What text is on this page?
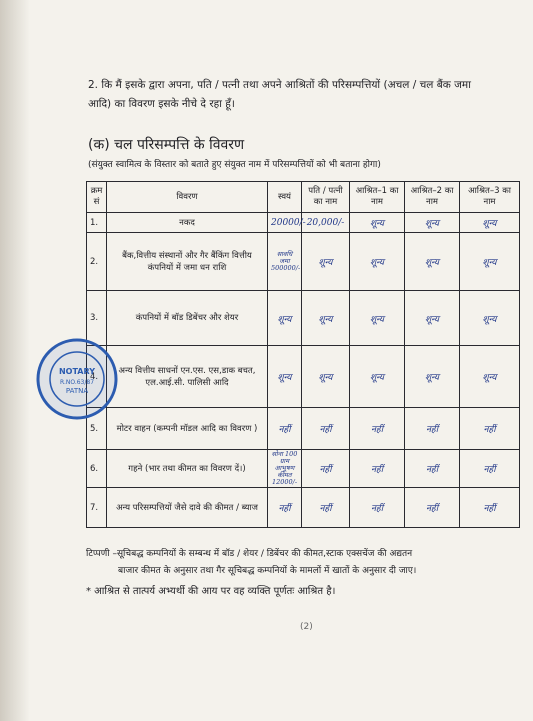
2. कि मैं इसके द्वारा अपना, पति / पत्नी तथा अपने आश्रितों की परिसम्पत्तियों (अचल / चल बैंक जमा
आदि) का विवरण इसके नीचे दे रहा हूँ।
(क) चल परिसम्पत्ति के विवरण
(संयुक्त स्वामित्व के विस्तार को बताते हुए संयुक्त नाम में परिसम्पत्तियों को भी बताना होगा)
क्रम सं	विवरण	स्वयं	पति / पत्नी का नाम	आश्रित–1 का नाम	आश्रित–2 का नाम	आश्रित–3 का नाम
1.	नकद	20000/-	20,000/-	शून्य	शून्य	शून्य
2.	बैंक,वित्तीय संस्थानों और गैर बैंकिंग वित्तीय कंपनियों में जमा धन राशि	सावधि जमा 500000/-	शून्य	शून्य	शून्य	शून्य
3.	कंपनियों में बॉड डिबेंचर और शेयर	शून्य	शून्य	शून्य	शून्य	शून्य
	अन्य वित्तीय साधनों एन.एस. एस,डाक बचत, एल.आई.सी. पालिसी आदि	शून्य	शून्य	शून्य	शून्य	शून्य
5.	मोटर वाहन (कम्पनी मॉडल आदि का विवरण )	नहीं	नहीं	नहीं	नहीं	नहीं
6.	गहने (भार तथा कीमत का विवरण दें।)	सोना 100 ग्राम आभूषण कीमत 12000/-	नहीं	नहीं	नहीं	नहीं
7.	अन्य परिसम्पत्तियों जैसे दावे की कीमत / ब्याज	नहीं	नहीं	नहीं	नहीं	नहीं
NOTARY
R.NO.63/87
PATNA
टिप्पणी –सूचिबद्ध कम्पनियों के सम्बन्ध में बॉड / शेयर / डिबेंचर की कीमत,स्टाक एक्सचेंज की अद्यतन
बाजार कीमत के अनुसार तथा गैर सूचिबद्ध कम्पनियों के मामलों में खातों के अनुसार दी जाए।
* आश्रित से तात्पर्य अभ्यर्थी की आय पर वह व्यक्ति पूर्णतः आश्रित है।
(2)
